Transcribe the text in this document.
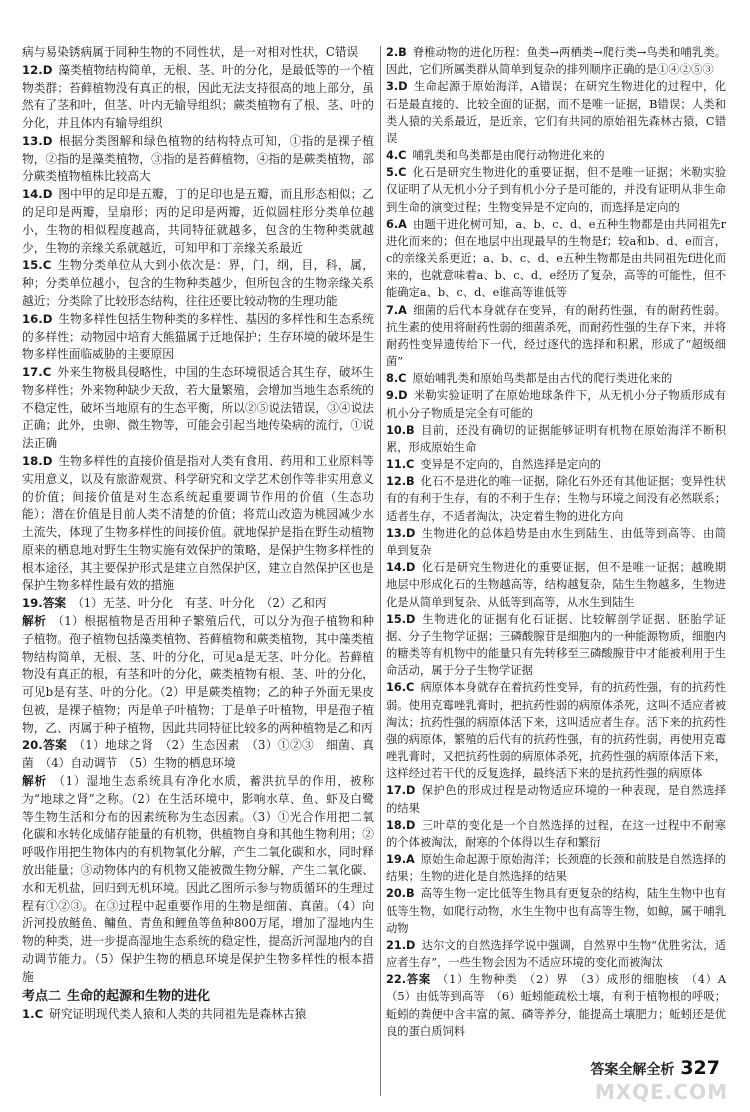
病与易染锈病属于同种生物的不同性状，是一对相对性状，C错误

12.D 藻类植物结构简单，无根、茎、叶的分化，是最低等的一个植物类群；苔藓植物没有真正的根，因此无法支持很高的地上部分，虽然有了茎和叶，但茎、叶内无输导组织；蕨类植物有了根、茎、叶的分化，并且体内有输导组织

13.D 根据分类图解和绿色植物的结构特点可知，①指的是裸子植物，②指的是藻类植物，③指的是苔藓植物，④指的是蕨类植物，部分蕨类植物植株比较高大

14.D 图中甲的足印是五瓣，丁的足印也是五瓣，而且形态相似；乙的足印是两瓣，呈扇形；丙的足印是两瓣，近似圆柱形分类单位越小，生物的相似程度越高，共同特征就越多，包含的生物种类就越少，生物的亲缘关系就越近，可知甲和丁亲缘关系最近

15.C 生物分类单位从大到小依次是：界，门，纲，目，科，属，种；分类单位越小，包含的生物种类越少，但所包含的生物亲缘关系越近；分类除了比较形态结构，往往还要比较动物的生理功能

16.D 生物多样性包括生物种类的多样性、基因的多样性和生态系统的多样性；动物园中培育大熊猫属于迁地保护；生存环境的破坏是生物多样性面临威胁的主要原因

17.C 外来生物极具侵略性，中国的生态环境很适合其生存，破坏生物多样性；外来物种缺少天敌，若大量繁殖，会增加当地生态系统的不稳定性，破坏当地原有的生态平衡，所以②⑤说法错误，③④说法正确；此外，虫卵、微生物等，可能会引起当地传染病的流行，①说法正确

18.D 生物多样性的直接价值是指对人类有食用、药用和工业原料等实用意义，以及有旅游观赏、科学研究和文学艺术创作等非实用意义的价值；间接价值是对生态系统起重要调节作用的价值（生态功能）；潜在价值是目前人类不清楚的价值；将荒山改造为桃园减少水土流失，体现了生物多样性的间接价值。就地保护是指在野生动植物原来的栖息地对野生生物实施有效保护的策略，是保护生物多样性的根本途径，其主要保护形式是建立自然保护区，建立自然保护区也是保护生物多样性最有效的措施

19.答案 （1）无茎、叶分化　有茎、叶分化　（2）乙和丙

解析 （1）根据植物是否用种子繁殖后代，可以分为孢子植物和种子植物。孢子植物包括藻类植物、苔藓植物和蕨类植物，其中藻类植物结构简单，无根、茎、叶的分化，可见a是无茎、叶分化。苔藓植物没有真正的根，有茎和叶的分化，蕨类植物有根、茎、叶的分化，可见b是有茎、叶的分化。（2）甲是蕨类植物；乙的种子外面无果皮包被，是裸子植物；丙是单子叶植物；丁是单子叶植物，甲是孢子植物，乙、丙属于种子植物，因此共同特征比较多的两种植物是乙和丙

20.答案 （1）地球之肾　（2）生态因素　（3）①②③　细菌、真菌　（4）自动调节　（5）生物的栖息环境

解析 （1）湿地生态系统具有净化水质，蓄洪抗旱的作用，被称为“地球之肾”之称。（2）在生活环境中，影响水草、鱼、虾及白鹭等生物生活和分布的因素统称为生态因素。（3）①光合作用把二氧化碳和水转化成储存能量的有机物，供植物自身和其他生物利用；②呼吸作用把生物体内的有机物氧化分解，产生二氧化碳和水，同时释放出能量；③动物体内的有机物又能被微生物分解，产生二氧化碳、水和无机盐，回归到无机环境。因此乙图所示参与物质循环的生理过程有①②③。在③过程中起重要作用的生物是细菌、真菌。（4）向沂河投放鲢鱼、鳙鱼、青鱼和鲤鱼等鱼种800万尾，增加了湿地内生物的种类，进一步提高湿地生态系统的稳定性，提高沂河湿地内的自动调节能力。（5）保护生物的栖息环境是保护生物多样性的根本措施

考点二 生命的起源和生物的进化

1.C 研究证明现代类人猿和人类的共同祖先是森林古猿

2.B 脊椎动物的进化历程：鱼类→两栖类→爬行类→鸟类和哺乳类。因此，它们所属类群从简单到复杂的排列顺序正确的是①④②⑤③

3.D 生命起源于原始海洋，A错误；在研究生物进化的过程中，化石是最直接的、比较全面的证据，而不是唯一证据，B错误；人类和类人猿的关系最近，是近亲，它们有共同的原始祖先森林古猿，C错误

4.C 哺乳类和鸟类都是由爬行动物进化来的

5.C 化石是研究生物进化的重要证据，但不是唯一证据；米勒实验仅证明了从无机小分子到有机小分子是可能的，并没有证明从非生命到生命的演变过程；生物变异是不定向的，而选择是定向的

6.A 由题干进化树可知，a、b、c、d、e五种生物都是由共同祖先r进化而来的；但在地层中出现最早的生物是f；较a和b、d、e而言，c的亲缘关系更近；a、b、c、d、e五种生物都是由共同祖先f进化而来的，也就意味着a、b、c、d、e经历了复杂，高等的可能性，但不能确定a、b、c、d、e谁高等谁低等

7.A 细菌的后代本身就存在变异，有的耐药性强，有的耐药性弱。抗生素的使用将耐药性弱的细菌杀死，而耐药性强的生存下来，并将耐药性变异遗传给下一代，经过逐代的选择和积累，形成了“超级细菌”

8.C 原始哺乳类和原始鸟类都是由古代的爬行类进化来的

9.D 米勒实验证明了在原始地球条件下，从无机小分子物质形成有机小分子物质是完全有可能的

10.B 目前，还没有确切的证据能够证明有机物在原始海洋不断积累，形成原始生命

11.C 变异是不定向的，自然选择是定向的

12.B 化石不是进化的唯一证据，除化石外还有其他证据；变异性状有的有利于生存，有的不利于生存；生物与环境之间没有必然联系；适者生存，不适者淘汰，决定着生物的进化方向

13.D 生物进化的总体趋势是由水生到陆生、由低等到高等、由简单到复杂

14.D 化石是研究生物进化的重要证据，但不是唯一证据；越晚期地层中形成化石的生物越高等，结构越复杂，陆生生物越多，生物进化是从简单到复杂、从低等到高等，从水生到陆生

15.D 生物进化的证据有化石证据、比较解剖学证据、胚胎学证据、分子生物学证据；三磷酸腺苷是细胞内的一种能源物质，细胞内的糖类等有机物中的能量只有先转移至三磷酸腺苷中才能被利用于生命活动，属于分子生物学证据

16.C 病原体本身就存在着抗药性变异，有的抗药性强，有的抗药性弱。使用克霉唑乳膏时，把抗药性弱的病原体杀死，这叫不适应者被淘汰；抗药性强的病原体活下来，这叫适应者生存。活下来的抗药性强的病原体，繁殖的后代有的抗药性强，有的抗药性弱，再使用克霉唑乳膏时，又把抗药性弱的病原体杀死，抗药性强的病原体活下来，这样经过若干代的反复选择，最终活下来的是抗药性强的病原体

17.D 保护色的形成过程是动物适应环境的一种表现，是自然选择的结果

18.D 三叶草的变化是一个自然选择的过程，在这一过程中不耐寒的个体被淘汰，耐寒的个体得以生存和繁衍

19.A 原始生命起源于原始海洋；长颈鹿的长颈和前肢是自然选择的结果；生物的进化是自然选择的结果

20.B 高等生物一定比低等生物具有更复杂的结构，陆生生物中也有低等生物，如爬行动物，水生生物中也有高等生物，如鲸，属于哺乳动物

21.D 达尔文的自然选择学说中强调，自然界中生物“优胜劣汰，适应者生存”，一些生物会因为不适应环境的变化而被淘汰

22.答案 （1）生物种类　（2）界　（3）成形的细胞核　（4）A　（5）由低等到高等　（6）蚯蚓能疏松土壤，有利于植物根的呼吸；蚯蚓的粪便中含丰富的氮、磷等养分，能提高土壤肥力；蚯蚓还是优良的蛋白质饲料

答案全解全析 327
MXQE.COM
